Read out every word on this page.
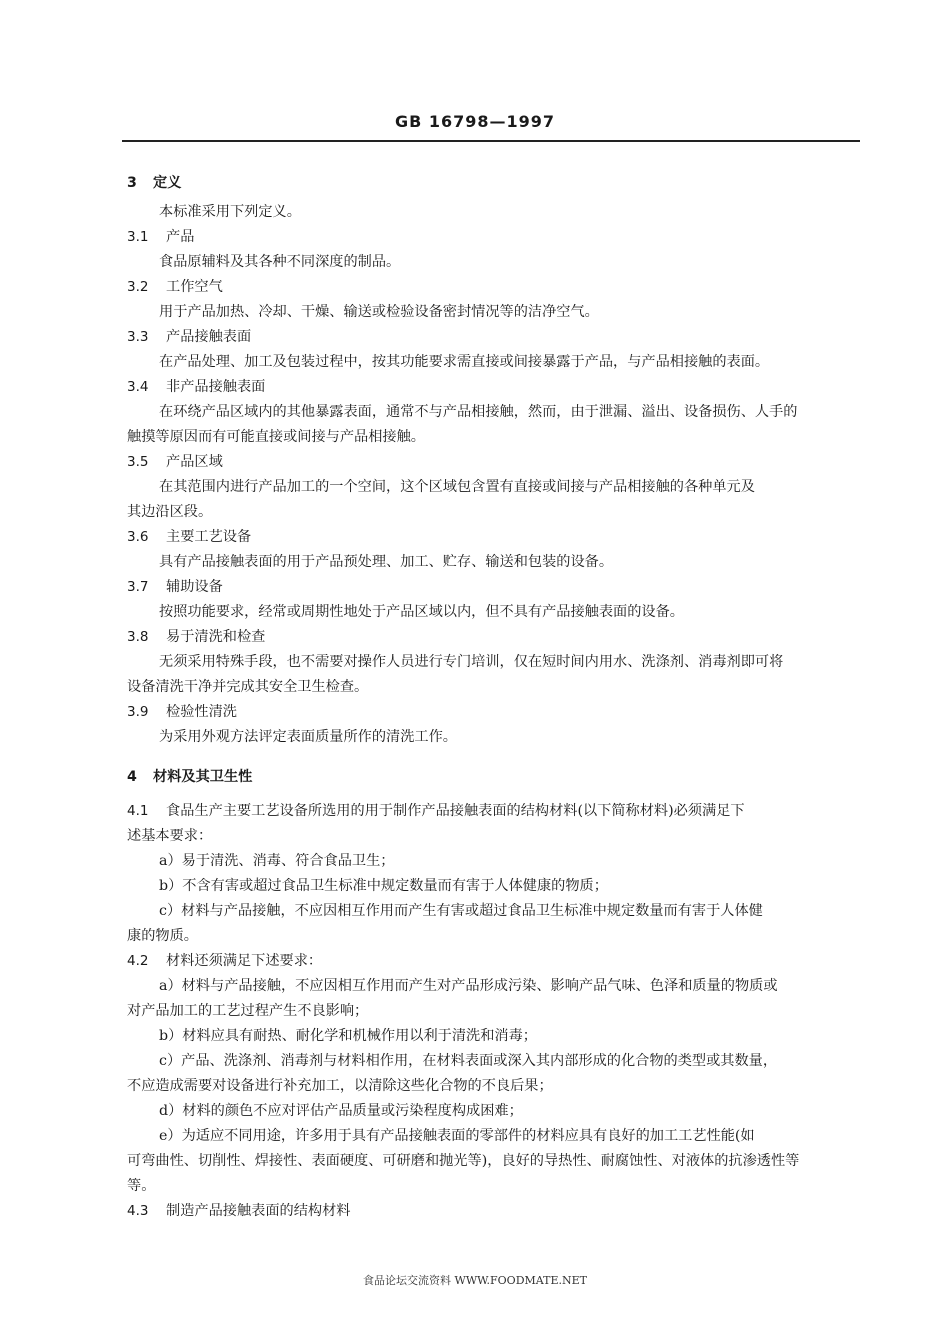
GB 16798—1997
3 定义
本标准采用下列定义。
3.1 产品
食品原辅料及其各种不同深度的制品。
3.2 工作空气
用于产品加热、冷却、干燥、输送或检验设备密封情况等的洁净空气。
3.3 产品接触表面
在产品处理、加工及包装过程中，按其功能要求需直接或间接暴露于产品，与产品相接触的表面。
3.4 非产品接触表面
在环绕产品区域内的其他暴露表面，通常不与产品相接触，然而，由于泄漏、溢出、设备损伤、人手的
触摸等原因而有可能直接或间接与产品相接触。
3.5 产品区域
在其范围内进行产品加工的一个空间，这个区域包含置有直接或间接与产品相接触的各种单元及
其边沿区段。
3.6 主要工艺设备
具有产品接触表面的用于产品预处理、加工、贮存、输送和包装的设备。
3.7 辅助设备
按照功能要求，经常或周期性地处于产品区域以内，但不具有产品接触表面的设备。
3.8 易于清洗和检查
无须采用特殊手段，也不需要对操作人员进行专门培训，仅在短时间内用水、洗涤剂、消毒剂即可将
设备清洗干净并完成其安全卫生检查。
3.9 检验性清洗
为采用外观方法评定表面质量所作的清洗工作。
4 材料及其卫生性
4.1 食品生产主要工艺设备所选用的用于制作产品接触表面的结构材料(以下简称材料)必须满足下
述基本要求：
a）易于清洗、消毒、符合食品卫生；
b）不含有害或超过食品卫生标准中规定数量而有害于人体健康的物质；
c）材料与产品接触，不应因相互作用而产生有害或超过食品卫生标准中规定数量而有害于人体健
康的物质。
4.2 材料还须满足下述要求：
a）材料与产品接触，不应因相互作用而产生对产品形成污染、影响产品气味、色泽和质量的物质或
对产品加工的工艺过程产生不良影响；
b）材料应具有耐热、耐化学和机械作用以利于清洗和消毒；
c）产品、洗涤剂、消毒剂与材料相作用，在材料表面或深入其内部形成的化合物的类型或其数量，
不应造成需要对设备进行补充加工，以清除这些化合物的不良后果；
d）材料的颜色不应对评估产品质量或污染程度构成困难；
e）为适应不同用途，许多用于具有产品接触表面的零部件的材料应具有良好的加工工艺性能(如
可弯曲性、切削性、焊接性、表面硬度、可研磨和抛光等)，良好的导热性、耐腐蚀性、对液体的抗渗透性等
等。
4.3 制造产品接触表面的结构材料
食品论坛交流资料 WWW.FOODMATE.NET
